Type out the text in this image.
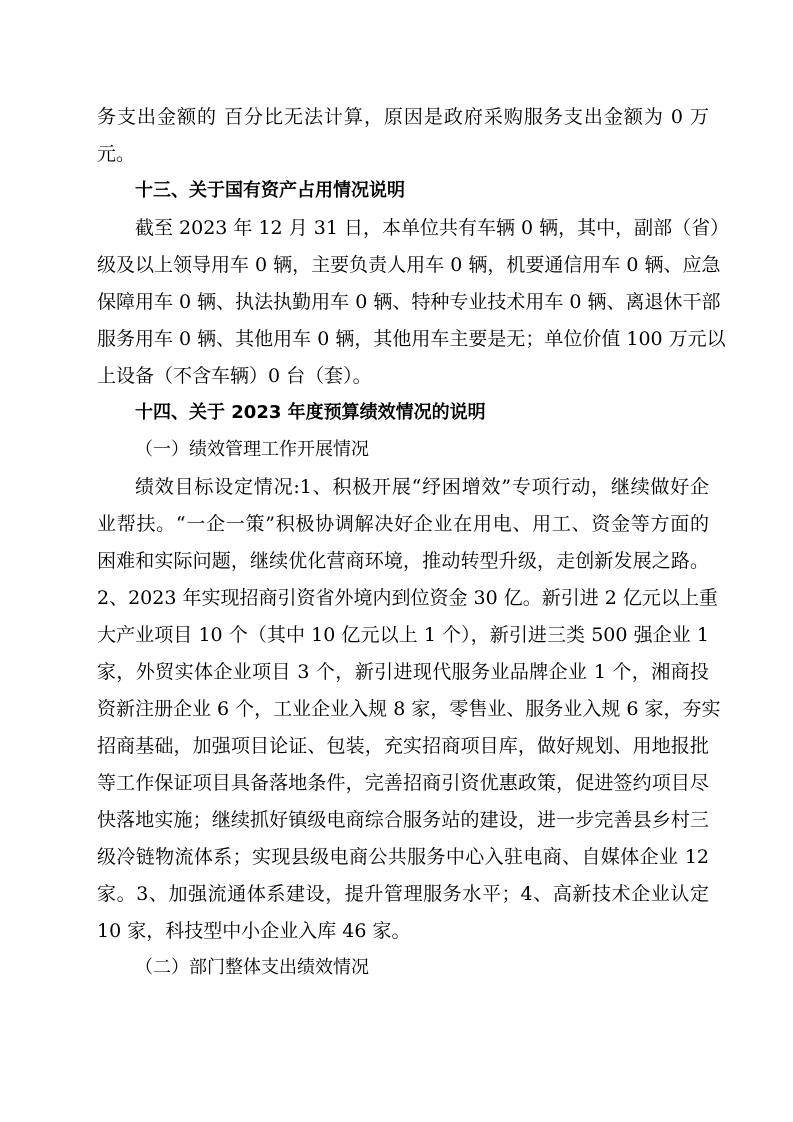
务支出金额的 百分比无法计算，原因是政府采购服务支出金额为 0 万

元。

十三、关于国有资产占用情况说明

截至 2023 年 12 月 31 日，本单位共有车辆 0 辆，其中，副部（省）

级及以上领导用车 0 辆，主要负责人用车 0 辆，机要通信用车 0 辆、应急

保障用车 0 辆、执法执勤用车 0 辆、特种专业技术用车 0 辆、离退休干部

服务用车 0 辆、其他用车 0 辆，其他用车主要是无；单位价值 100 万元以

上设备（不含车辆）0 台（套）。

十四、关于 2023 年度预算绩效情况的说明

（一）绩效管理工作开展情况

绩效目标设定情况:1、积极开展“纾困增效”专项行动，继续做好企

业帮扶。“一企一策”积极协调解决好企业在用电、用工、资金等方面的

困难和实际问题，继续优化营商环境，推动转型升级，走创新发展之路。

2、2023 年实现招商引资省外境内到位资金 30 亿。新引进 2 亿元以上重

大产业项目 10 个（其中 10 亿元以上 1 个），新引进三类 500 强企业 1

家，外贸实体企业项目 3 个，新引进现代服务业品牌企业 1 个，湘商投

资新注册企业 6 个，工业企业入规 8 家，零售业、服务业入规 6 家，夯实

招商基础，加强项目论证、包装，充实招商项目库，做好规划、用地报批

等工作保证项目具备落地条件，完善招商引资优惠政策，促进签约项目尽

快落地实施；继续抓好镇级电商综合服务站的建设，进一步完善县乡村三

级冷链物流体系；实现县级电商公共服务中心入驻电商、自媒体企业 12

家。3、加强流通体系建设，提升管理服务水平；4、高新技术企业认定

10 家，科技型中小企业入库 46 家。

（二）部门整体支出绩效情况
